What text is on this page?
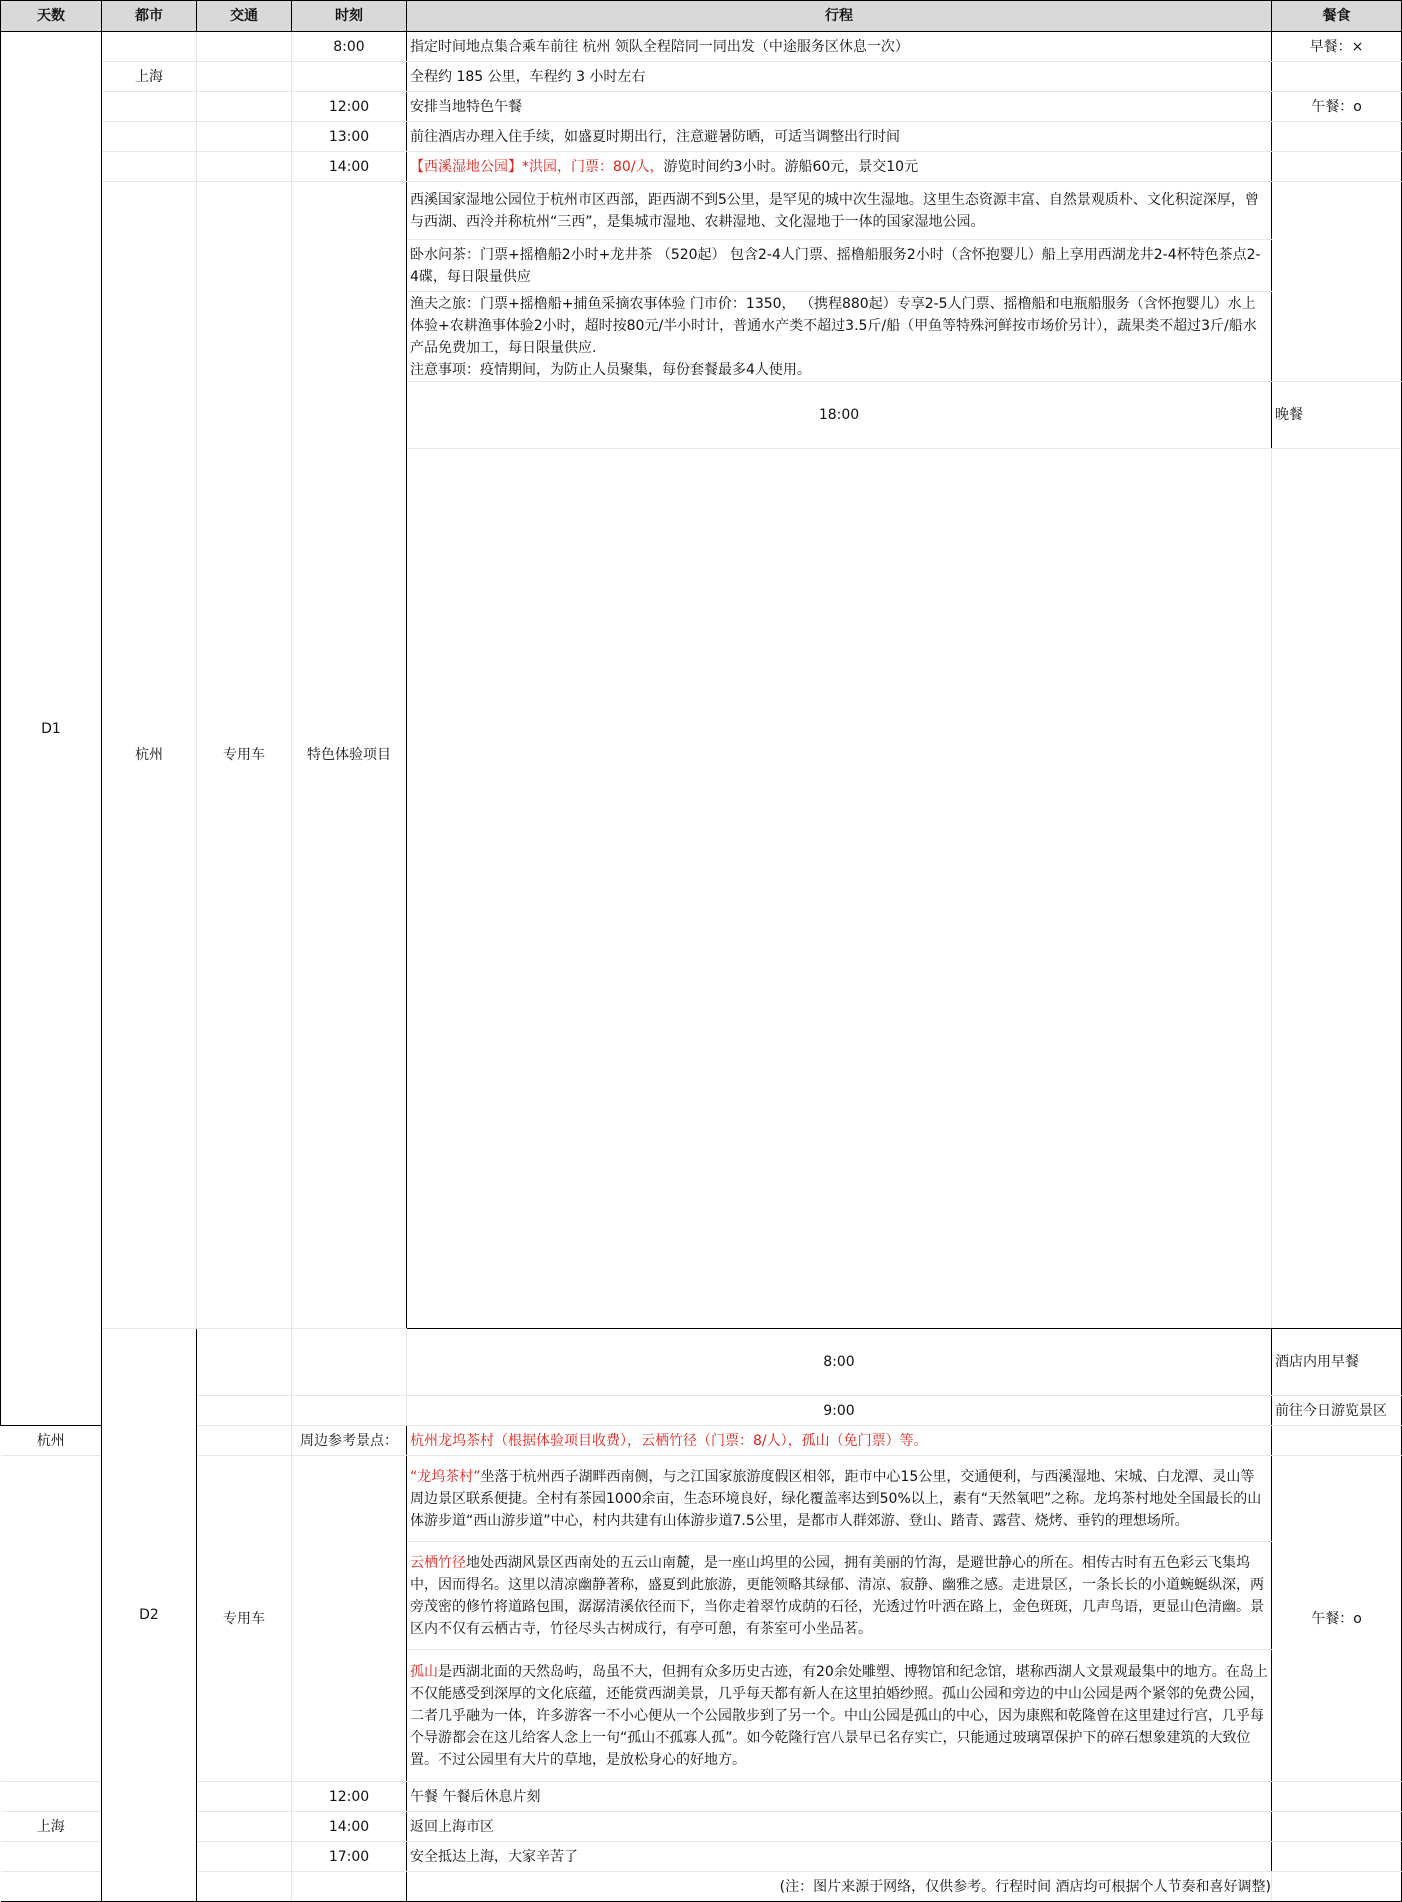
天数	都市	交通	时刻	行程	餐食	
D1			8:00	指定时间地点集合乘车前往 杭州 领队全程陪同一同出发（中途服务区休息一次）	早餐：×	
	上海			全程约 185 公里，车程约 3 小时左右		
			12:00	安排当地特色午餐	午餐：o	
			13:00	前往酒店办理入住手续，如盛夏时期出行，注意避暑防晒，可适当调整出行时间		
			14:00	【西溪湿地公园】*洪园，门票：80/人，游览时间约3小时。游船60元，景交10元		
	杭州	专用车	特色体验项目	西溪国家湿地公园位于杭州市区西部，距西湖不到5公里，是罕见的城中次生湿地。这里生态资源丰富、自然景观质朴、文化积淀深厚，曾与西湖、西泠并称杭州“三西”，是集城市湿地、农耕湿地、文化湿地于一体的国家湿地公园。		
				卧水问茶：门票+摇橹船2小时+龙井茶 （520起） 包含2-4人门票、摇橹船服务2小时（含怀抱婴儿）船上享用西湖龙井2-4杯特色茶点2-4碟，每日限量供应		

				渔夫之旅：门票+摇橹船+捕鱼采摘农事体验 门市价：1350， （携程880起）专享2-5人门票、摇橹船和电瓶船服务（含怀抱婴儿）水上体验+农耕渔事体验2小时，超时按80元/半小时计，普通水产类不超过3.5斤/船（甲鱼等特殊河鲜按市场价另计），蔬果类不超过3斤/船水产品免费加工，每日限量供应.
注意事项：疫情期间，为防止人员聚集，每份套餐最多4人使用。		

				18:00	晚餐	

	D2			8:00	酒店内用早餐	
				9:00	前往今日游览景区	
杭州			周边参考景点：	杭州龙坞茶村（根据体验项目收费），云栖竹径（门票：8/人），孤山（免门票）等。		
		专用车		“龙坞茶村”坐落于杭州西子湖畔西南侧，与之江国家旅游度假区相邻，距市中心15公里，交通便利，与西溪湿地、宋城、白龙潭、灵山等周边景区联系便捷。全村有茶园1000余亩，生态环境良好，绿化覆盖率达到50%以上，素有“天然氧吧”之称。龙坞茶村地处全国最长的山体游步道“西山游步道”中心，村内共建有山体游步道7.5公里，是都市人群郊游、登山、踏青、露营、烧烤、垂钓的理想场所。	午餐：o	
				云栖竹径地处西湖风景区西南处的五云山南麓，是一座山坞里的公园，拥有美丽的竹海，是避世静心的所在。相传古时有五色彩云飞集坞中，因而得名。这里以清凉幽静著称，盛夏到此旅游，更能领略其绿郁、清凉、寂静、幽雅之感。走进景区，一条长长的小道蜿蜒纵深，两旁茂密的修竹将道路包围，潺潺清溪依径而下，当你走着翠竹成荫的石径，光透过竹叶洒在路上，金色斑斑，几声鸟语，更显山色清幽。景区内不仅有云栖古寺，竹径尽头古树成行，有亭可憩，有茶室可小坐品茗。		
				孤山是西湖北面的天然岛屿，岛虽不大，但拥有众多历史古迹，有20余处雕塑、博物馆和纪念馆，堪称西湖人文景观最集中的地方。在岛上不仅能感受到深厚的文化底蕴，还能赏西湖美景，几乎每天都有新人在这里拍婚纱照。孤山公园和旁边的中山公园是两个紧邻的免费公园，二者几乎融为一体，许多游客一不小心便从一个公园散步到了另一个。中山公园是孤山的中心，因为康熙和乾隆曾在这里建过行宫，几乎每个导游都会在这儿给客人念上一句“孤山不孤寡人孤”。如今乾隆行宫八景早已名存实亡，只能通过玻璃罩保护下的碎石想象建筑的大致位置。不过公园里有大片的草地，是放松身心的好地方。		
			12:00	午餐 午餐后休息片刻		
上海			14:00	返回上海市区		
			17:00	安全抵达上海，大家辛苦了		
				(注：图片来源于网络，仅供参考。行程时间 酒店均可根据个人节奏和喜好调整)		
